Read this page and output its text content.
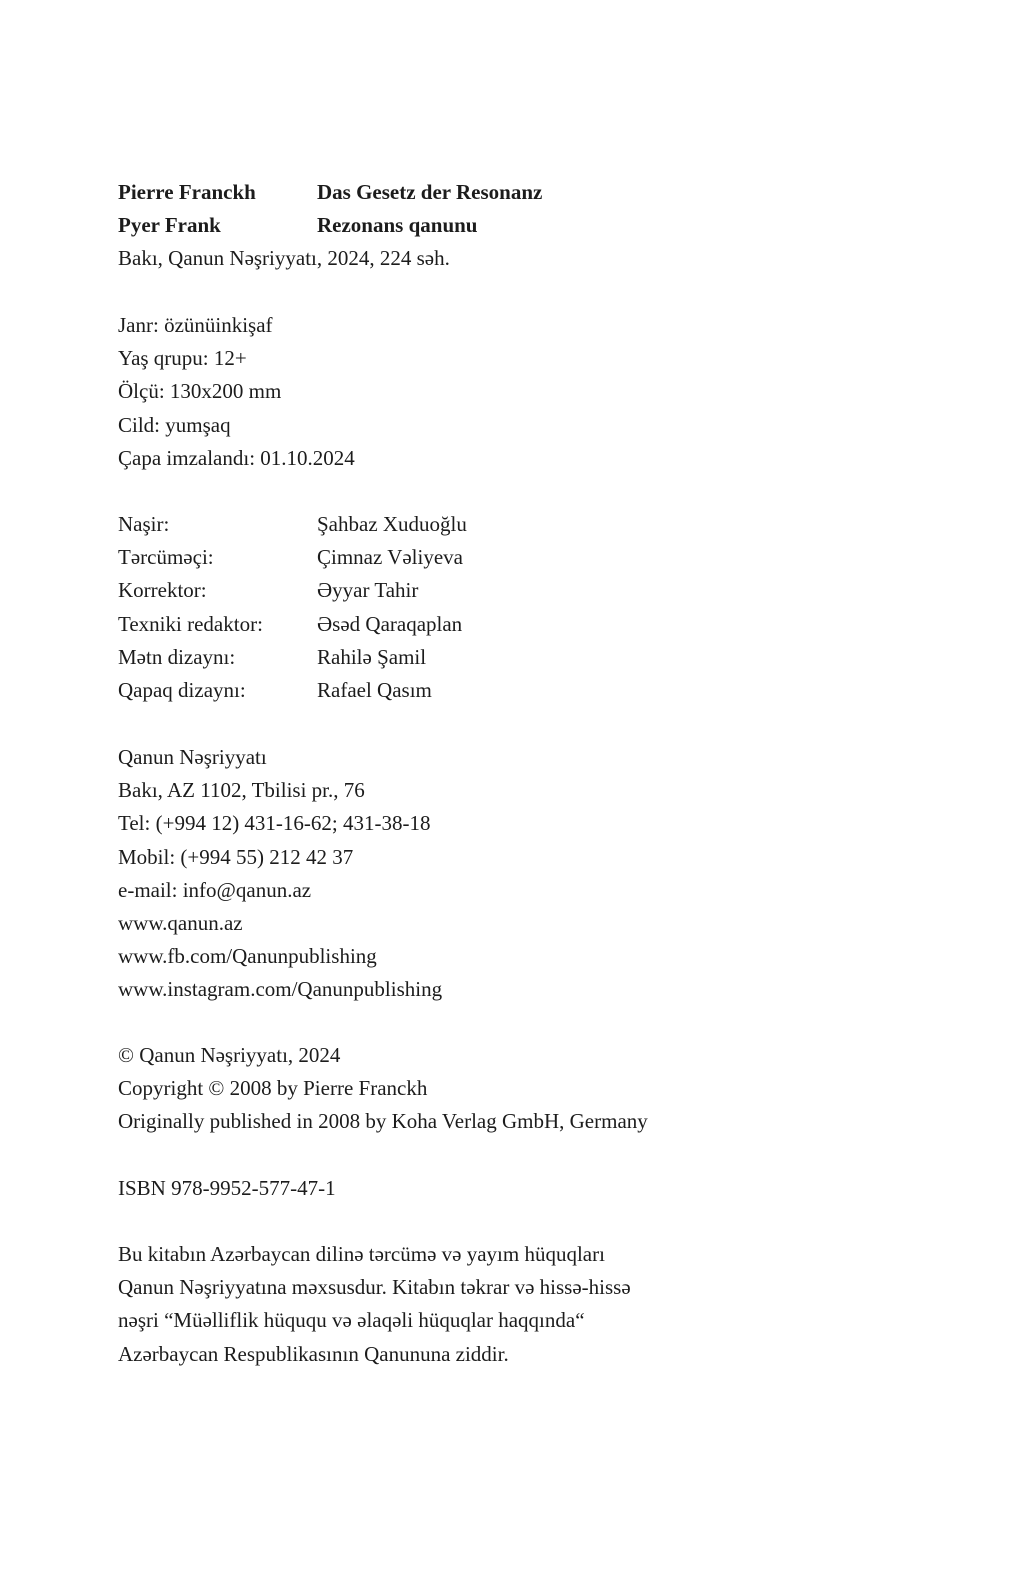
Pierre Franckh	Das Gesetz der Resonanz
Pyer Frank	Rezonans qanunu
Bakı, Qanun Nəşriyyatı, 2024, 224 səh.
Janr: özünüinkişaf
Yaş qrupu: 12+
Ölçü: 130x200 mm
Cild: yumşaq
Çapa imzalandı: 01.10.2024
Naşir:	Şahbaz Xuduoğlu
Tərcüməçi:	Çimnaz Vəliyeva
Korrektor:	Əyyar Tahir
Texniki redaktor:	Əsəd Qaraqaplan
Mətn dizaynı:	Rahilə Şamil
Qapaq dizaynı:	Rafael Qasım
Qanun Nəşriyyatı
Bakı, AZ 1102, Tbilisi pr., 76
Tel: (+994 12) 431-16-62; 431-38-18
Mobil: (+994 55) 212 42 37
e-mail: info@qanun.az
www.qanun.az
www.fb.com/Qanunpublishing
www.instagram.com/Qanunpublishing
© Qanun Nəşriyyatı, 2024
Copyright © 2008 by Pierre Franckh
Originally published in 2008 by Koha Verlag GmbH, Germany
ISBN 978-9952-577-47-1
Bu kitabın Azərbaycan dilinə tərcümə və yayım hüquqları
Qanun Nəşriyyatına məxsusdur. Kitabın təkrar və hissə-hissə
nəşri “Müəlliflik hüququ və əlaqəli hüquqlar haqqında“
Azərbaycan Respublikasının Qanununa ziddir.
